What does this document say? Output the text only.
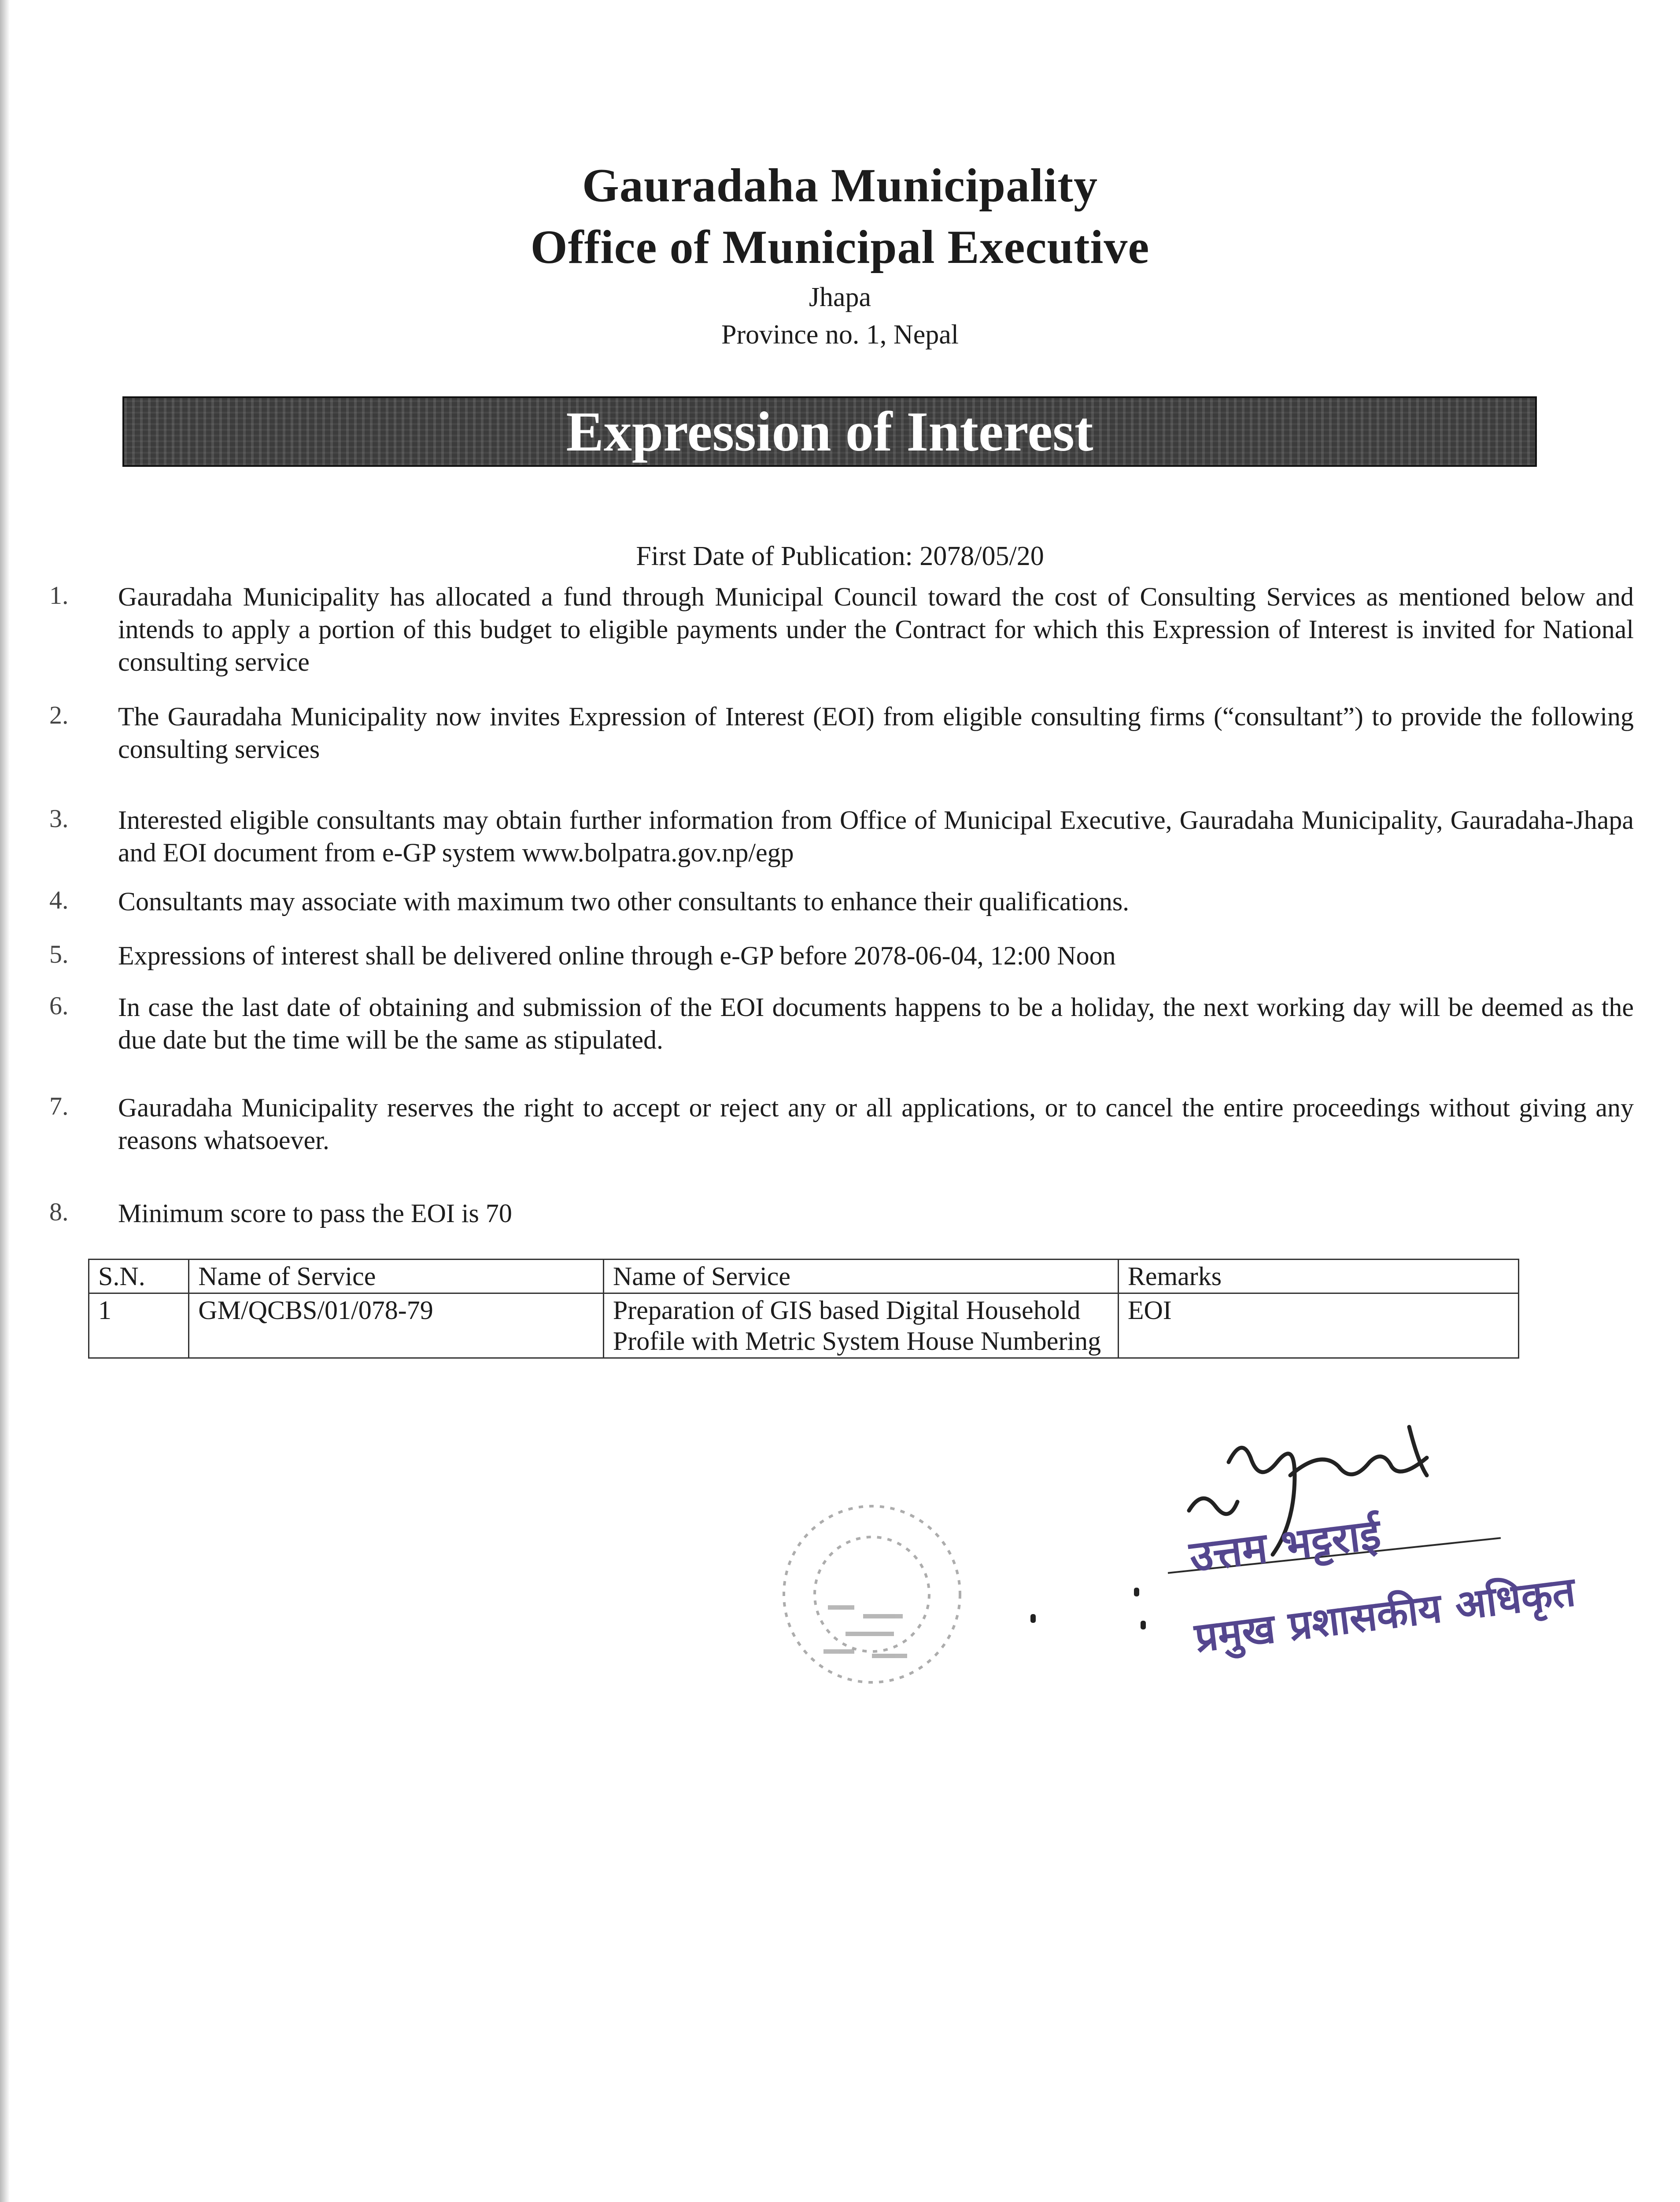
Gauradaha Municipality
Office of Municipal Executive
Jhapa
Province no. 1, Nepal
Expression of Interest
First Date of Publication: 2078/05/20
1. Gauradaha Municipality has allocated a fund through Municipal Council toward the cost of Consulting Services as mentioned below and intends to apply a portion of this budget to eligible payments under the Contract for which this Expression of Interest is invited for National consulting service
2. The Gauradaha Municipality now invites Expression of Interest (EOI) from eligible consulting firms (“consultant”) to provide the following consulting services
3. Interested eligible consultants may obtain further information from Office of Municipal Executive, Gauradaha Municipality, Gauradaha-Jhapa and EOI document from e-GP system www.bolpatra.gov.np/egp
4. Consultants may associate with maximum two other consultants to enhance their qualifications.
5. Expressions of interest shall be delivered online through e-GP before 2078-06-04, 12:00 Noon
6. In case the last date of obtaining and submission of the EOI documents happens to be a holiday, the next working day will be deemed as the due date but the time will be the same as stipulated.
7. Gauradaha Municipality reserves the right to accept or reject any or all applications, or to cancel the entire proceedings without giving any reasons whatsoever.
8. Minimum score to pass the EOI is 70
S.N.	Name of Service	Name of Service	Remarks
1	GM/QCBS/01/078-79	Preparation of GIS based Digital Household Profile with Metric System House Numbering	EOI
उत्तम भट्टराई
प्रमुख प्रशासकीय अधिकृत
